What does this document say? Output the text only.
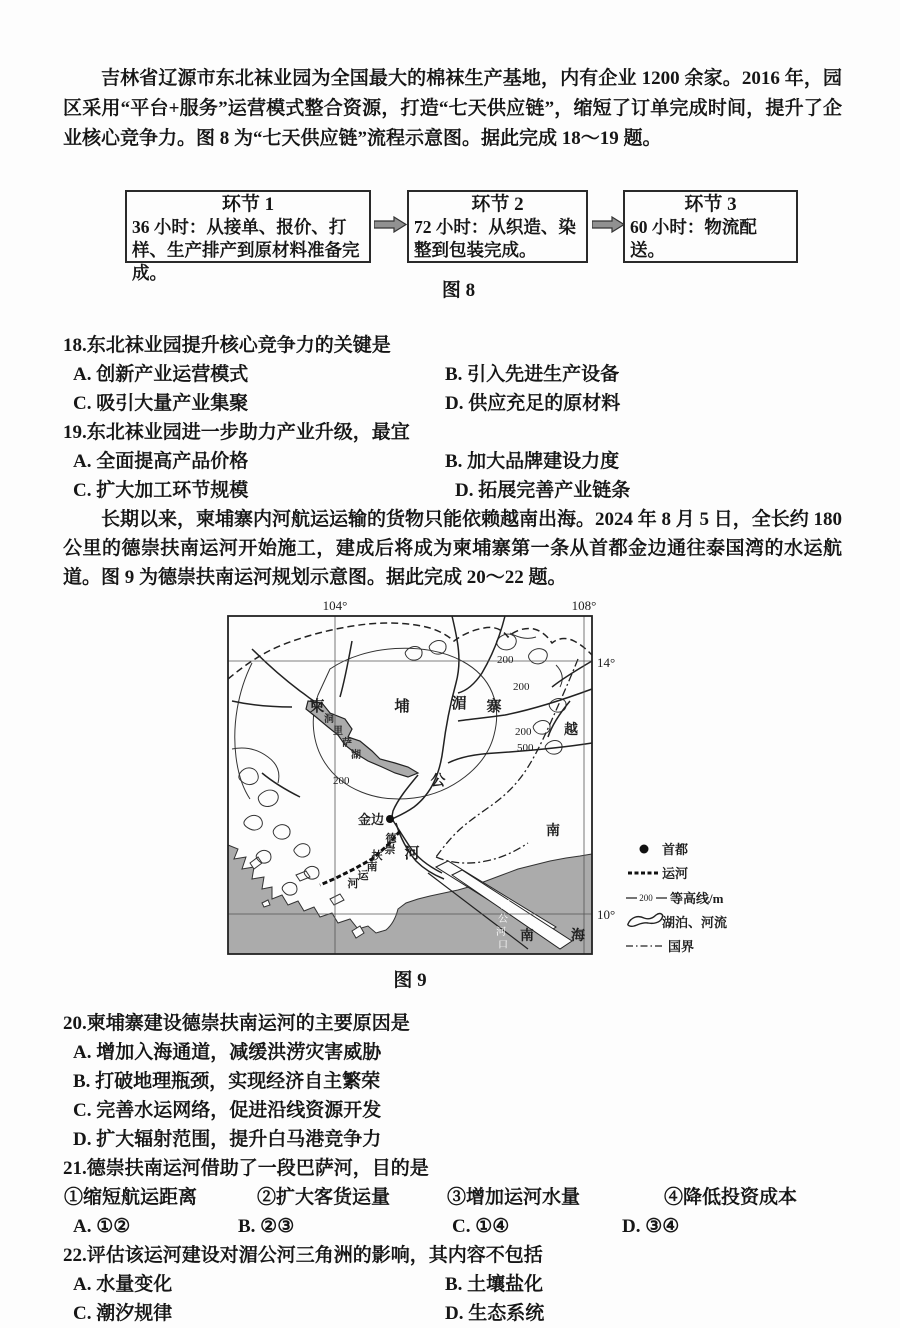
吉林省辽源市东北袜业园为全国最大的棉袜生产基地，内有企业 1200 余家。2016 年，园区采用“平台+服务”运营模式整合资源，打造“七天供应链”，缩短了订单完成时间，提升了企业核心竞争力。图 8 为“七天供应链”流程示意图。据此完成 18～19 题。

环节 1
36 小时：从接单、报价、打样、生产排产到原材料准备完成。
环节 2
72 小时：从织造、染整到包装完成。
环节 3
60 小时：物流配送。
图 8
18.东北袜业园提升核心竞争力的关键是
A. 创新产业运营模式	B. 引入先进生产设备
C. 吸引大量产业集聚	D. 供应充足的原材料
19.东北袜业园进一步助力产业升级，最宜
A. 全面提高产品价格	B. 加大品牌建设力度
C. 扩大加工环节规模	D. 拓展完善产业链条

长期以来，柬埔寨内河航运运输的货物只能依赖越南出海。2024 年 8 月 5 日，全长约 180 公里的德崇扶南运河开始施工，建成后将成为柬埔寨第一条从首都金边通往泰国湾的水运航道。图 9 为德崇扶南运河规划示意图。据此完成 20～22 题。

104°	108°
14°
10°
柬	埔	寨
湄
公
河
越
南
南	海
金边
洞
里
萨
湖
德
崇
扶
南
运
河
湄
公
河
口
200
200
200
200
500
首都
运河
200 等高线/m
湖泊、河流
国界
图 9
20.柬埔寨建设德崇扶南运河的主要原因是
A. 增加入海通道，减缓洪涝灾害威胁
B. 打破地理瓶颈，实现经济自主繁荣
C. 完善水运网络，促进沿线资源开发
D. 扩大辐射范围，提升白马港竞争力
21.德崇扶南运河借助了一段巴萨河，目的是
①缩短航运距离	②扩大客货运量	③增加运河水量	④降低投资成本
A. ①②	B. ②③	C. ①④	D. ③④
22.评估该运河建设对湄公河三角洲的影响，其内容不包括
A. 水量变化	B. 土壤盐化
C. 潮汐规律	D. 生态系统
